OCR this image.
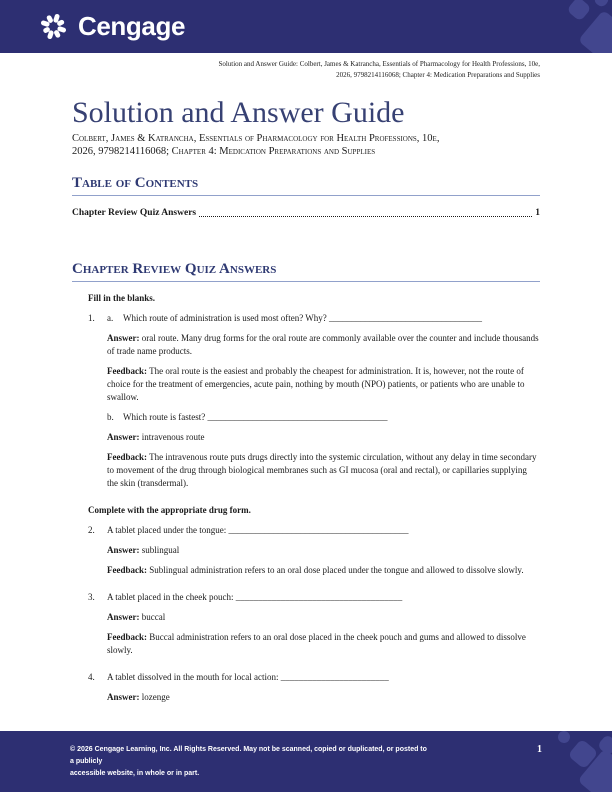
Cengage
Solution and Answer Guide: Colbert, James & Katrancha, Essentials of Pharmacology for Health Professions, 10e,
2026, 9798214116068; Chapter 4: Medication Preparations and Supplies
Solution and Answer Guide
Colbert, James & Katrancha, Essentials of Pharmacology for Health Professions, 10e,
2026, 9798214116068; Chapter 4: Medication Preparations and Supplies
Table of Contents
Chapter Review Quiz Answers	1
Chapter Review Quiz Answers

Fill in the blanks.

1.	a.	Which route of administration is used most often? Why? __________________________________

Answer: oral route. Many drug forms for the oral route are commonly available over the counter and include thousands of trade name products.

Feedback: The oral route is the easiest and probably the cheapest for administration. It is, however, not the route of choice for the treatment of emergencies, acute pain, nothing by mouth (NPO) patients, or patients who are unable to swallow.

b.	Which route is fastest? ________________________________________

Answer: intravenous route

Feedback: The intravenous route puts drugs directly into the systemic circulation, without any delay in time secondary to movement of the drug through biological membranes such as GI mucosa (oral and rectal), or capillaries supplying the skin (transdermal).

Complete with the appropriate drug form.

2.	A tablet placed under the tongue: ________________________________________

Answer: sublingual

Feedback: Sublingual administration refers to an oral dose placed under the tongue and allowed to dissolve slowly.

3.	A tablet placed in the cheek pouch: _____________________________________

Answer: buccal

Feedback: Buccal administration refers to an oral dose placed in the cheek pouch and gums and allowed to dissolve slowly.

4.	A tablet dissolved in the mouth for local action: ________________________

Answer: lozenge

© 2026 Cengage Learning, Inc. All Rights Reserved. May not be scanned, copied or duplicated, or posted to a publicly
accessible website, in whole or in part.
1
